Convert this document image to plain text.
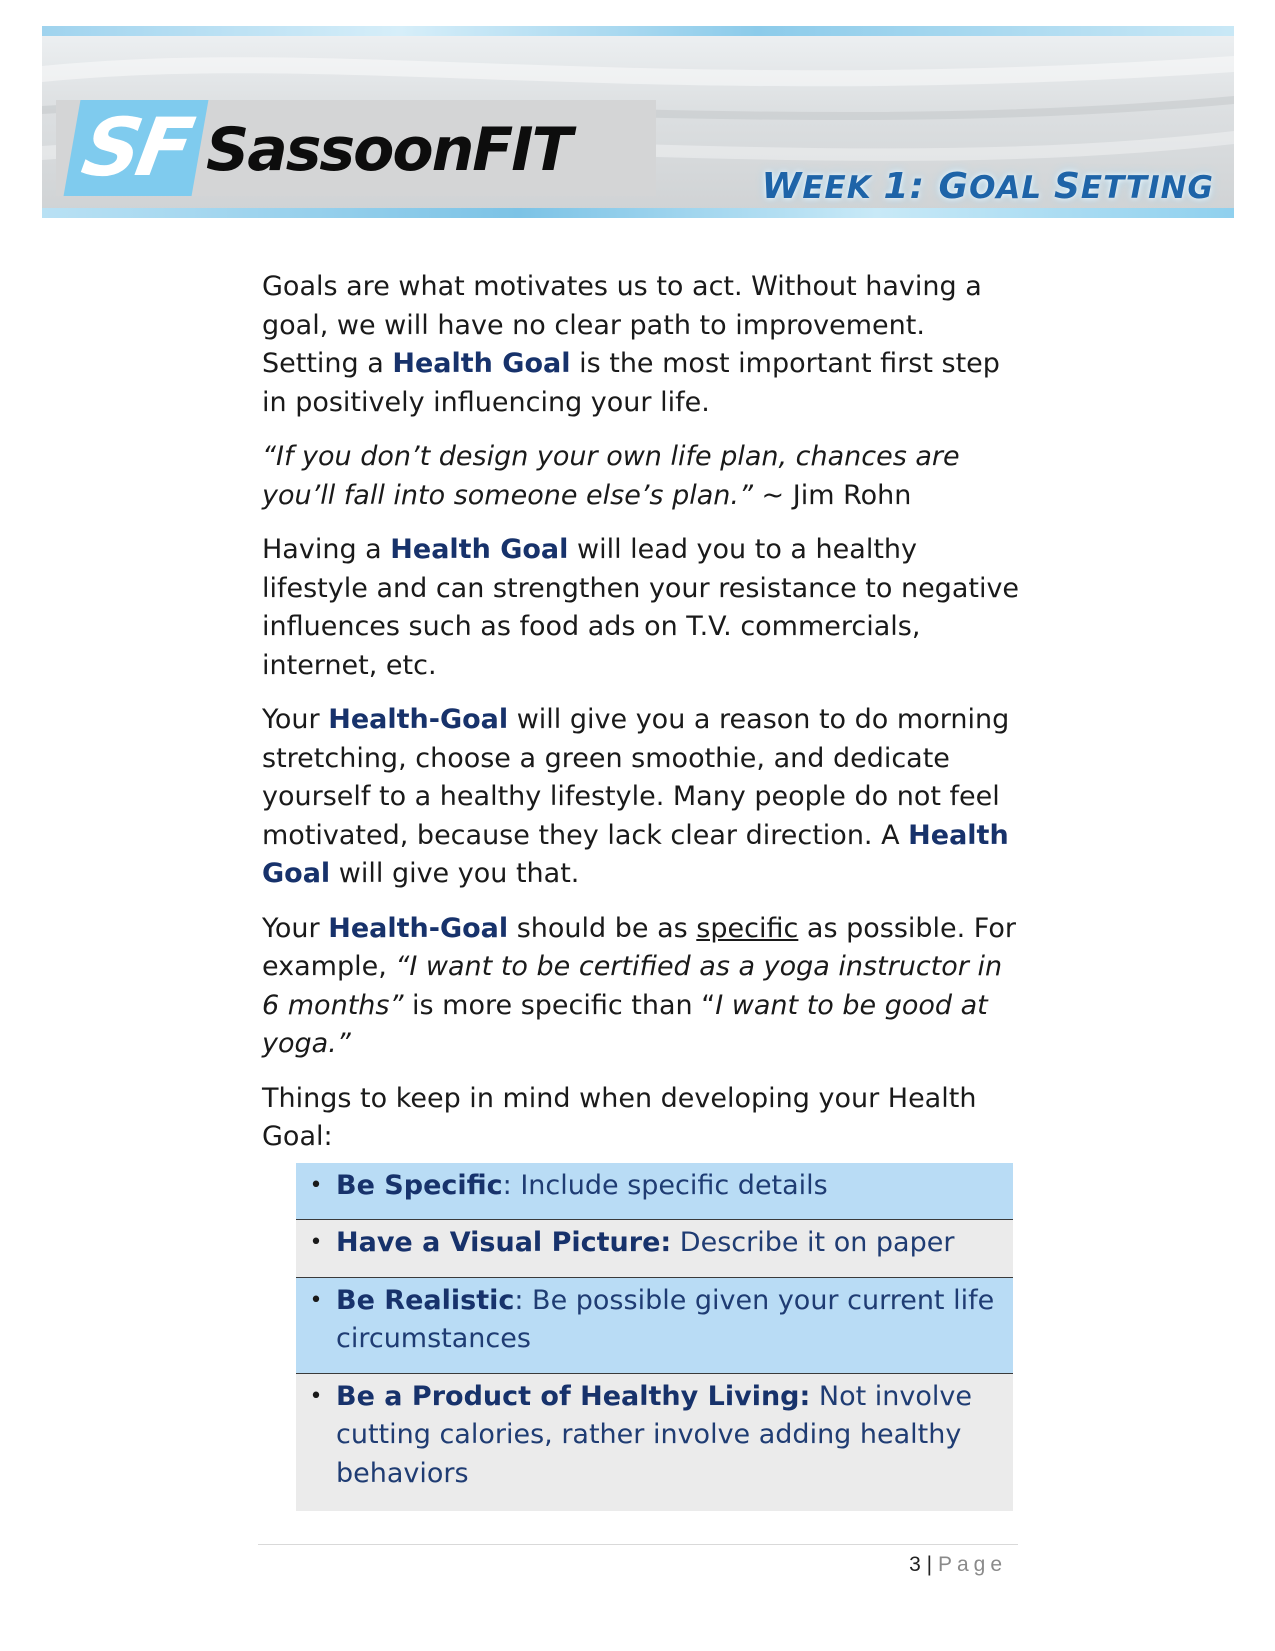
SF SassoonFIT
WEEK 1: GOAL SETTING

Goals are what motivates us to act. Without having a goal, we will have no clear path to improvement. Setting a Health Goal is the most important first step in positively influencing your life.

“If you don’t design your own life plan, chances are you’ll fall into someone else’s plan.” ~ Jim Rohn

Having a Health Goal will lead you to a healthy lifestyle and can strengthen your resistance to negative influences such as food ads on T.V. commercials, internet, etc.

Your Health-Goal will give you a reason to do morning stretching, choose a green smoothie, and dedicate yourself to a healthy lifestyle. Many people do not feel motivated, because they lack clear direction. A Health Goal will give you that.

Your Health-Goal should be as specific as possible. For example, “I want to be certified as a yoga instructor in 6 months” is more specific than “I want to be good at yoga.”

Things to keep in mind when developing your Health Goal:

• Be Specific: Include specific details
• Have a Visual Picture: Describe it on paper
• Be Realistic: Be possible given your current life circumstances
• Be a Product of Healthy Living: Not involve cutting calories, rather involve adding healthy behaviors
3 | Page
